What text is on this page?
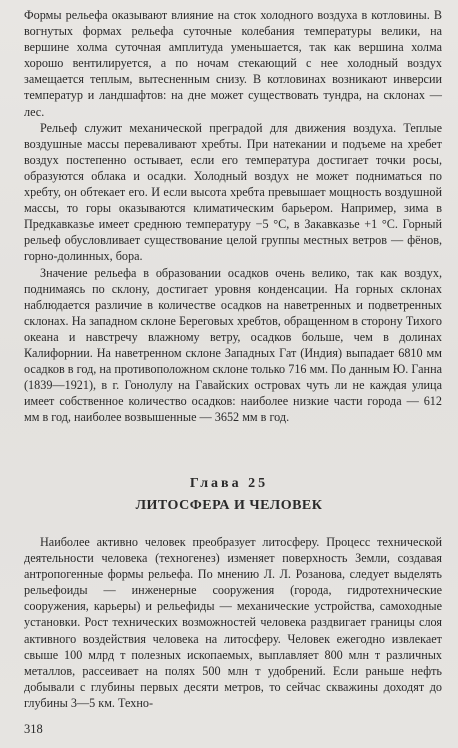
Формы рельефа оказывают влияние на сток холодного воздуха в котловины. В вогнутых формах рельефа суточные колебания температуры велики, на вершине холма суточная амплитуда уменьшается, так как вершина холма хорошо вентилируется, а по ночам стекающий с нее холодный воздух замещается теплым, вытесненным снизу. В котловинах возникают инверсии температур и ландшафтов: на дне может существовать тундра, на склонах — лес.

Рельеф служит механической преградой для движения воздуха. Теплые воздушные массы переваливают хребты. При натекании и подъеме на хребет воздух постепенно остывает, если его температура достигает точки росы, образуются облака и осадки. Холодный воздух не может подниматься по хребту, он обтекает его. И если высота хребта превышает мощность воздушной массы, то горы оказываются климатическим барьером. Например, зима в Предкавказье имеет среднюю температуру −5 °С, в Закавказье +1 °С. Горный рельеф обусловливает существование целой группы местных ветров — фёнов, горно-долинных, бора.

Значение рельефа в образовании осадков очень велико, так как воздух, поднимаясь по склону, достигает уровня конденсации. На горных склонах наблюдается различие в количестве осадков на наветренных и подветренных склонах. На западном склоне Береговых хребтов, обращенном в сторону Тихого океана и навстречу влажному ветру, осадков больше, чем в долинах Калифорнии. На наветренном склоне Западных Гат (Индия) выпадает 6810 мм осадков в год, на противоположном склоне только 716 мм. По данным Ю. Ганна (1839—1921), в г. Гонолулу на Гавайских островах чуть ли не каждая улица имеет собственное количество осадков: наиболее низкие части города — 612 мм в год, наиболее возвышенные — 3652 мм в год.

Глава 25
ЛИТОСФЕРА И ЧЕЛОВЕК

Наиболее активно человек преобразует литосферу. Процесс технической деятельности человека (техногенез) изменяет поверхность Земли, создавая антропогенные формы рельефа. По мнению Л. Л. Розанова, следует выделять рельефоиды — инженерные сооружения (города, гидротехнические сооружения, карьеры) и рельефиды — механические устройства, самоходные установки. Рост технических возможностей человека раздвигает границы слоя активного воздействия человека на литосферу. Человек ежегодно извлекает свыше 100 млрд т полезных ископаемых, выплавляет 800 млн т различных металлов, рассеивает на полях 500 млн т удобрений. Если раньше нефть добывали с глубины первых десяти метров, то сейчас скважины доходят до глубины 3—5 км. Техно-

318
